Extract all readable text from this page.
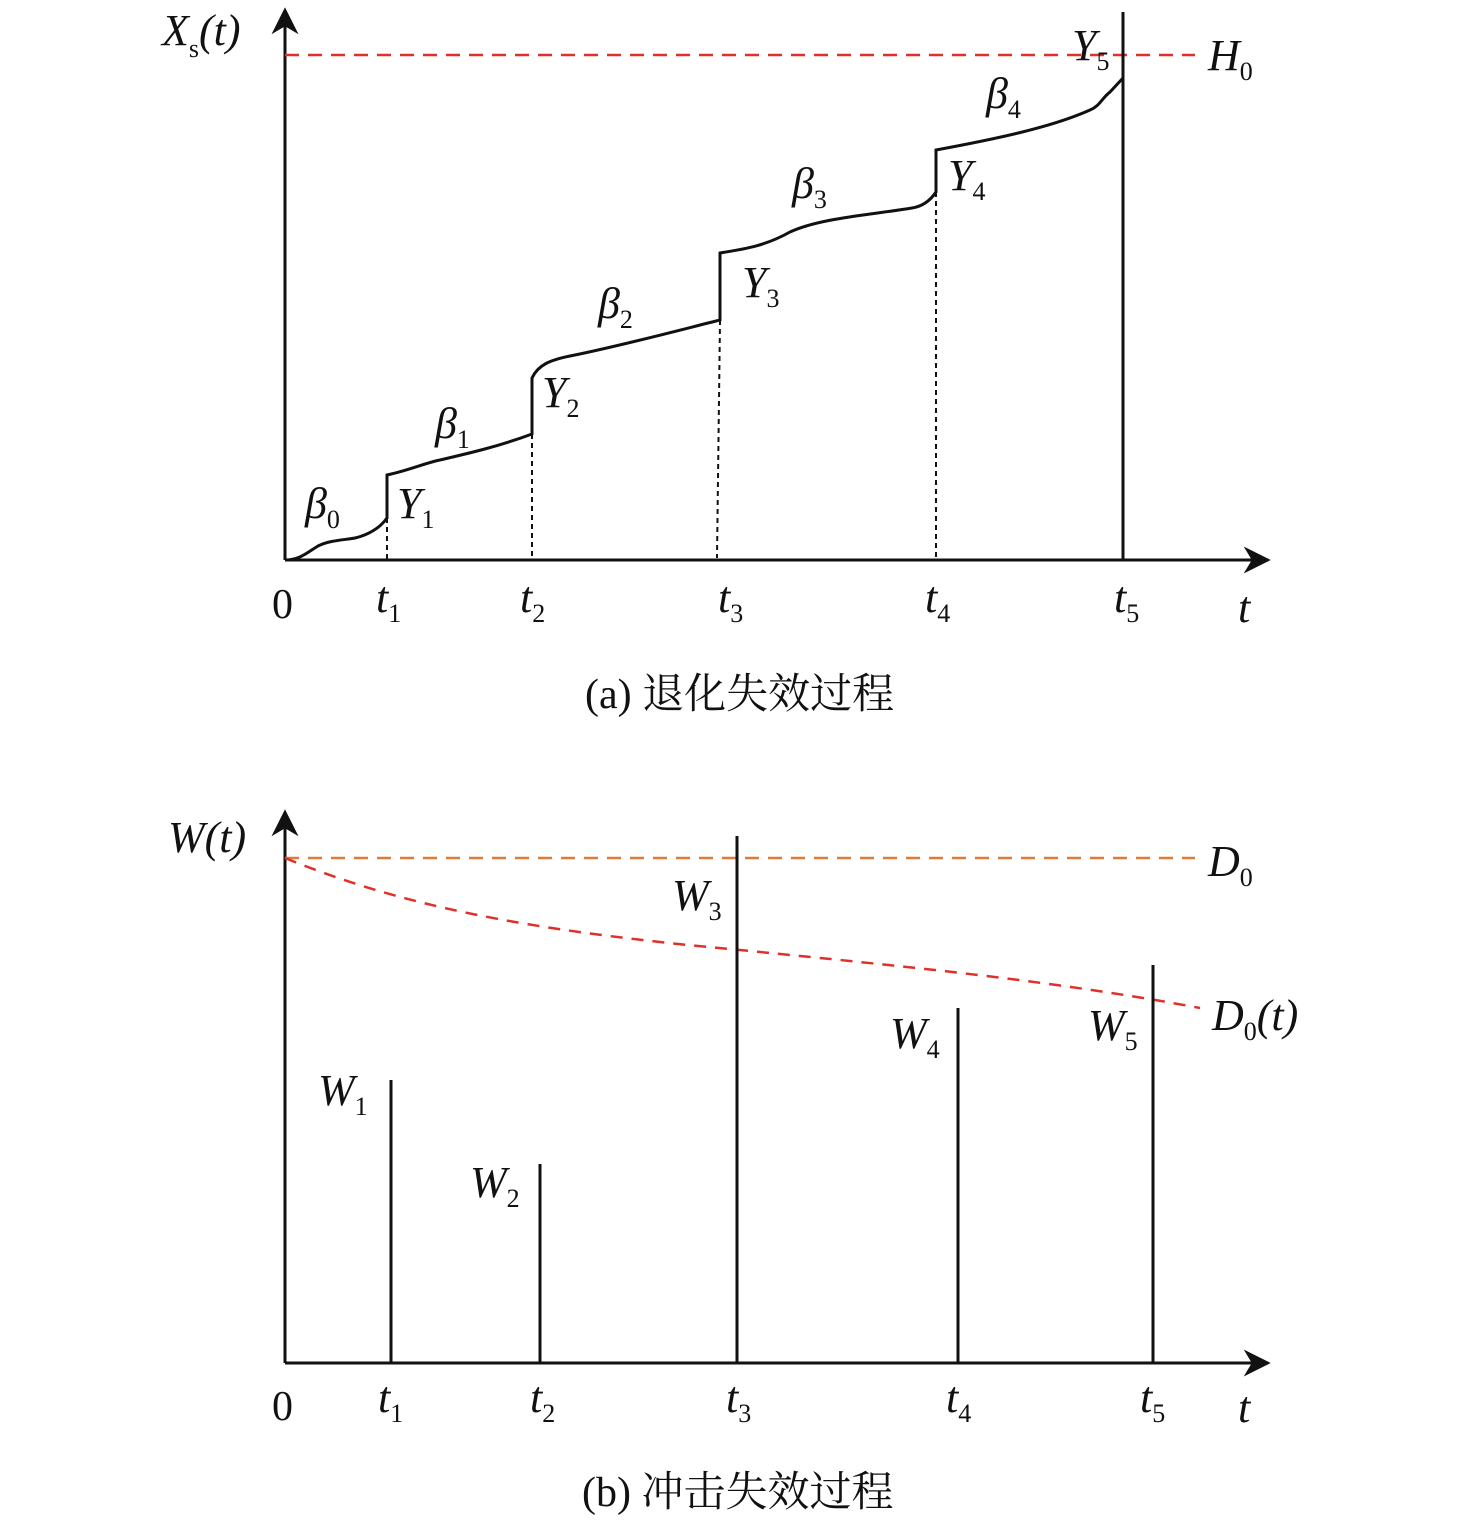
$X_s(t)$
$H_0$
0	t
$t_1$	$t_2$	$t_3$	$t_4$	$t_5$
$Y_1$
$Y_2$
$Y_3$
$Y_4$
$Y_5$
$\beta_0$
$\beta_1$
$\beta_2$
$\beta_3$
$\beta_4$
(a) 退化失效过程
W(t)	$D_0$
$D_0(t)$
0	t
$t_1$	$t_2$	$t_3$	$t_4$	$t_5$
$W_1$
$W_2$
$W_3$
$W_4$	$W_5$
(b) 冲击失效过程
